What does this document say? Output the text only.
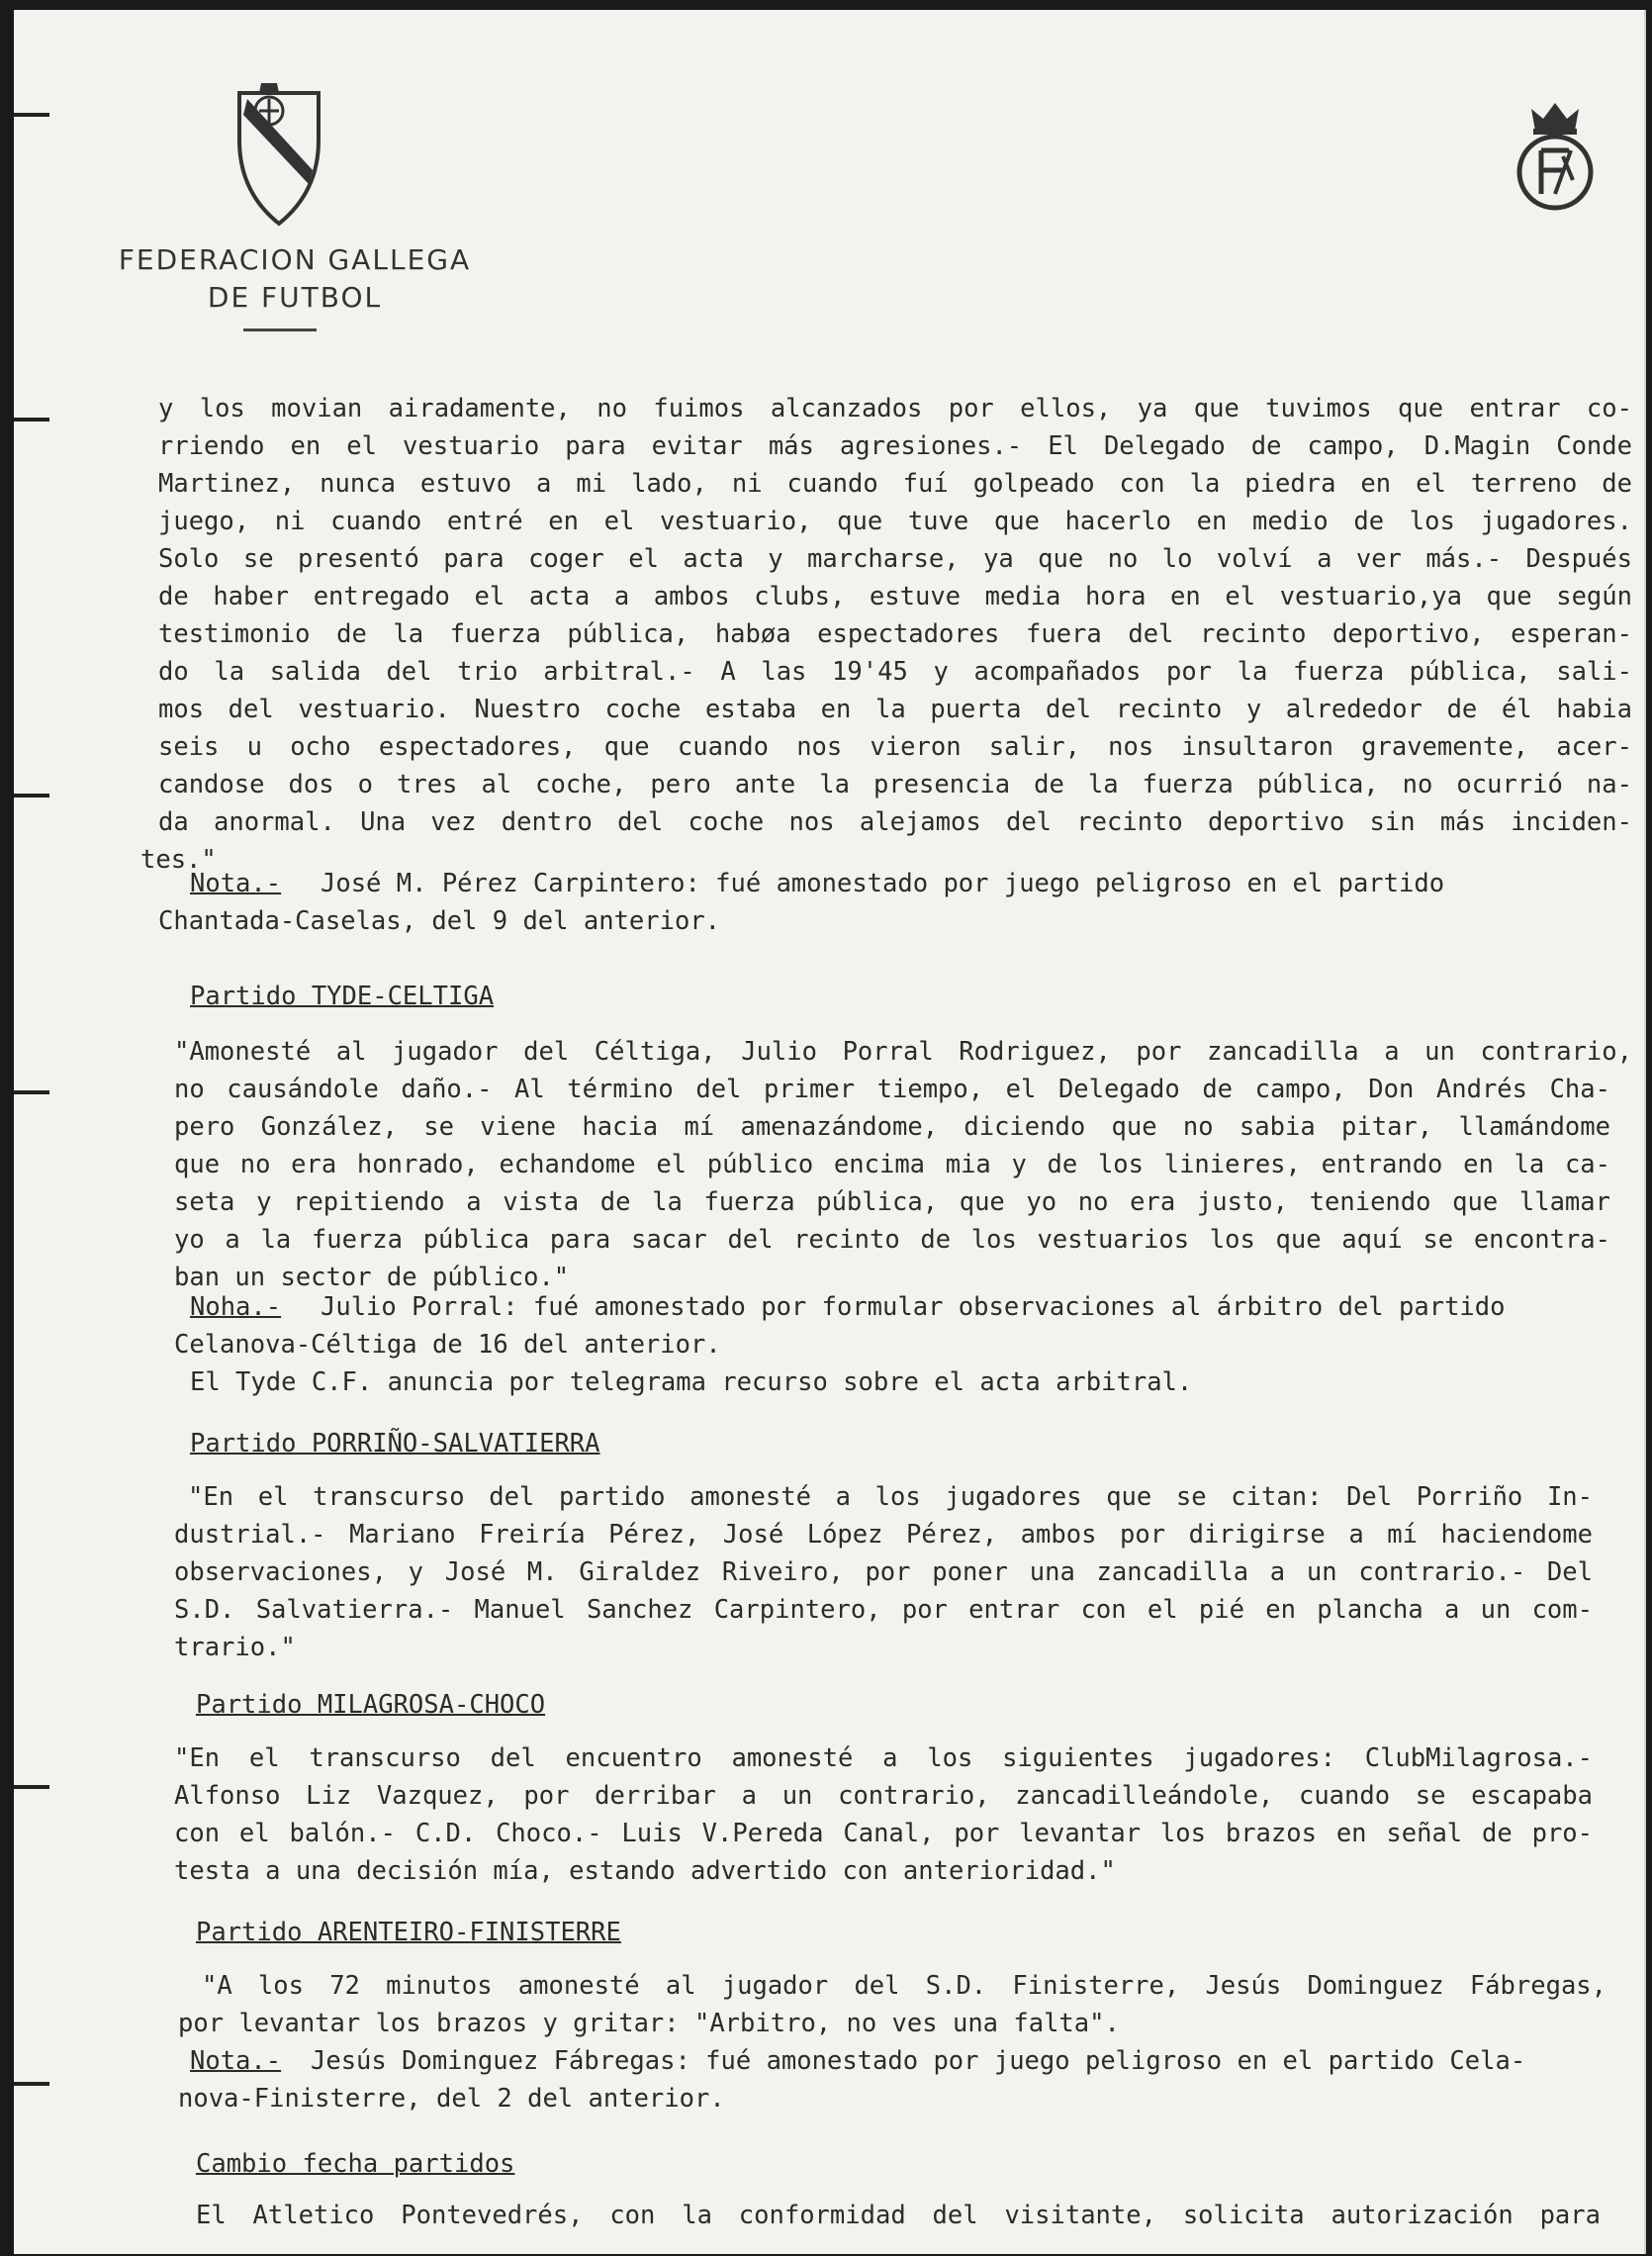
FEDERACION GALLEGA
DE FUTBOL
y los movian airadamente, no fuimos alcanzados por ellos, ya que tuvimos que entrar co-
rriendo en el vestuario para evitar más agresiones.- El Delegado de campo, D.Magin Conde
Martinez, nunca estuvo a mi lado, ni cuando fuí golpeado con la piedra en el terreno de
juego, ni cuando entré en el vestuario, que tuve que hacerlo en medio de los jugadores.
Solo se presentó para coger el acta y marcharse, ya que no lo volví a ver más.- Después
de haber entregado el acta a ambos clubs, estuve media hora en el vestuario,ya que según
testimonio de la fuerza pública, habøa espectadores fuera del recinto deportivo, esperan-
do la salida del trio arbitral.- A las 19'45 y acompañados por la fuerza pública, sali-
mos del vestuario. Nuestro coche estaba en la puerta del recinto y alrededor de él habia
seis u ocho espectadores, que cuando nos vieron salir, nos insultaron gravemente, acer-
candose dos o tres al coche, pero ante la presencia de la fuerza pública, no ocurrió na-
da anormal. Una vez dentro del coche nos alejamos del recinto deportivo sin más inciden-
tes."
Nota.- José M. Pérez Carpintero: fué amonestado por juego peligroso en el partido
Chantada-Caselas, del 9 del anterior.
Partido TYDE-CELTIGA
"Amonesté al jugador del Céltiga, Julio Porral Rodriguez, por zancadilla a un contrario,
no causándole daño.- Al término del primer tiempo, el Delegado de campo, Don Andrés Cha-
pero González, se viene hacia mí amenazándome, diciendo que no sabia pitar, llamándome
que no era honrado, echandome el público encima mia y de los linieres, entrando en la ca-
seta y repitiendo a vista de la fuerza pública, que yo no era justo, teniendo que llamar
yo a la fuerza pública para sacar del recinto de los vestuarios los que aquí se encontra-
ban un sector de público."
Noha.- Julio Porral: fué amonestado por formular observaciones al árbitro del partido
Celanova-Céltiga de 16 del anterior.
El Tyde C.F. anuncia por telegrama recurso sobre el acta arbitral.
Partido PORRIÑO-SALVATIERRA
"En el transcurso del partido amonesté a los jugadores que se citan: Del Porriño In-
dustrial.- Mariano Freiría Pérez, José López Pérez, ambos por dirigirse a mí haciendome
observaciones, y José M. Giraldez Riveiro, por poner una zancadilla a un contrario.- Del
S.D. Salvatierra.- Manuel Sanchez Carpintero, por entrar con el pié en plancha a un com-
trario."
Partido MILAGROSA-CHOCO
"En el transcurso del encuentro amonesté a los siguientes jugadores: ClubMilagrosa.-
Alfonso Liz Vazquez, por derribar a un contrario, zancadilleándole, cuando se escapaba
con el balón.- C.D. Choco.- Luis V.Pereda Canal, por levantar los brazos en señal de pro-
testa a una decisión mía, estando advertido con anterioridad."
Partido ARENTEIRO-FINISTERRE
"A los 72 minutos amonesté al jugador del S.D. Finisterre, Jesús Dominguez Fábregas,
por levantar los brazos y gritar: "Arbitro, no ves una falta".
Nota.- Jesús Dominguez Fábregas: fué amonestado por juego peligroso en el partido Cela-
nova-Finisterre, del 2 del anterior.
Cambio fecha partidos
El Atletico Pontevedrés, con la conformidad del visitante, solicita autorización para
